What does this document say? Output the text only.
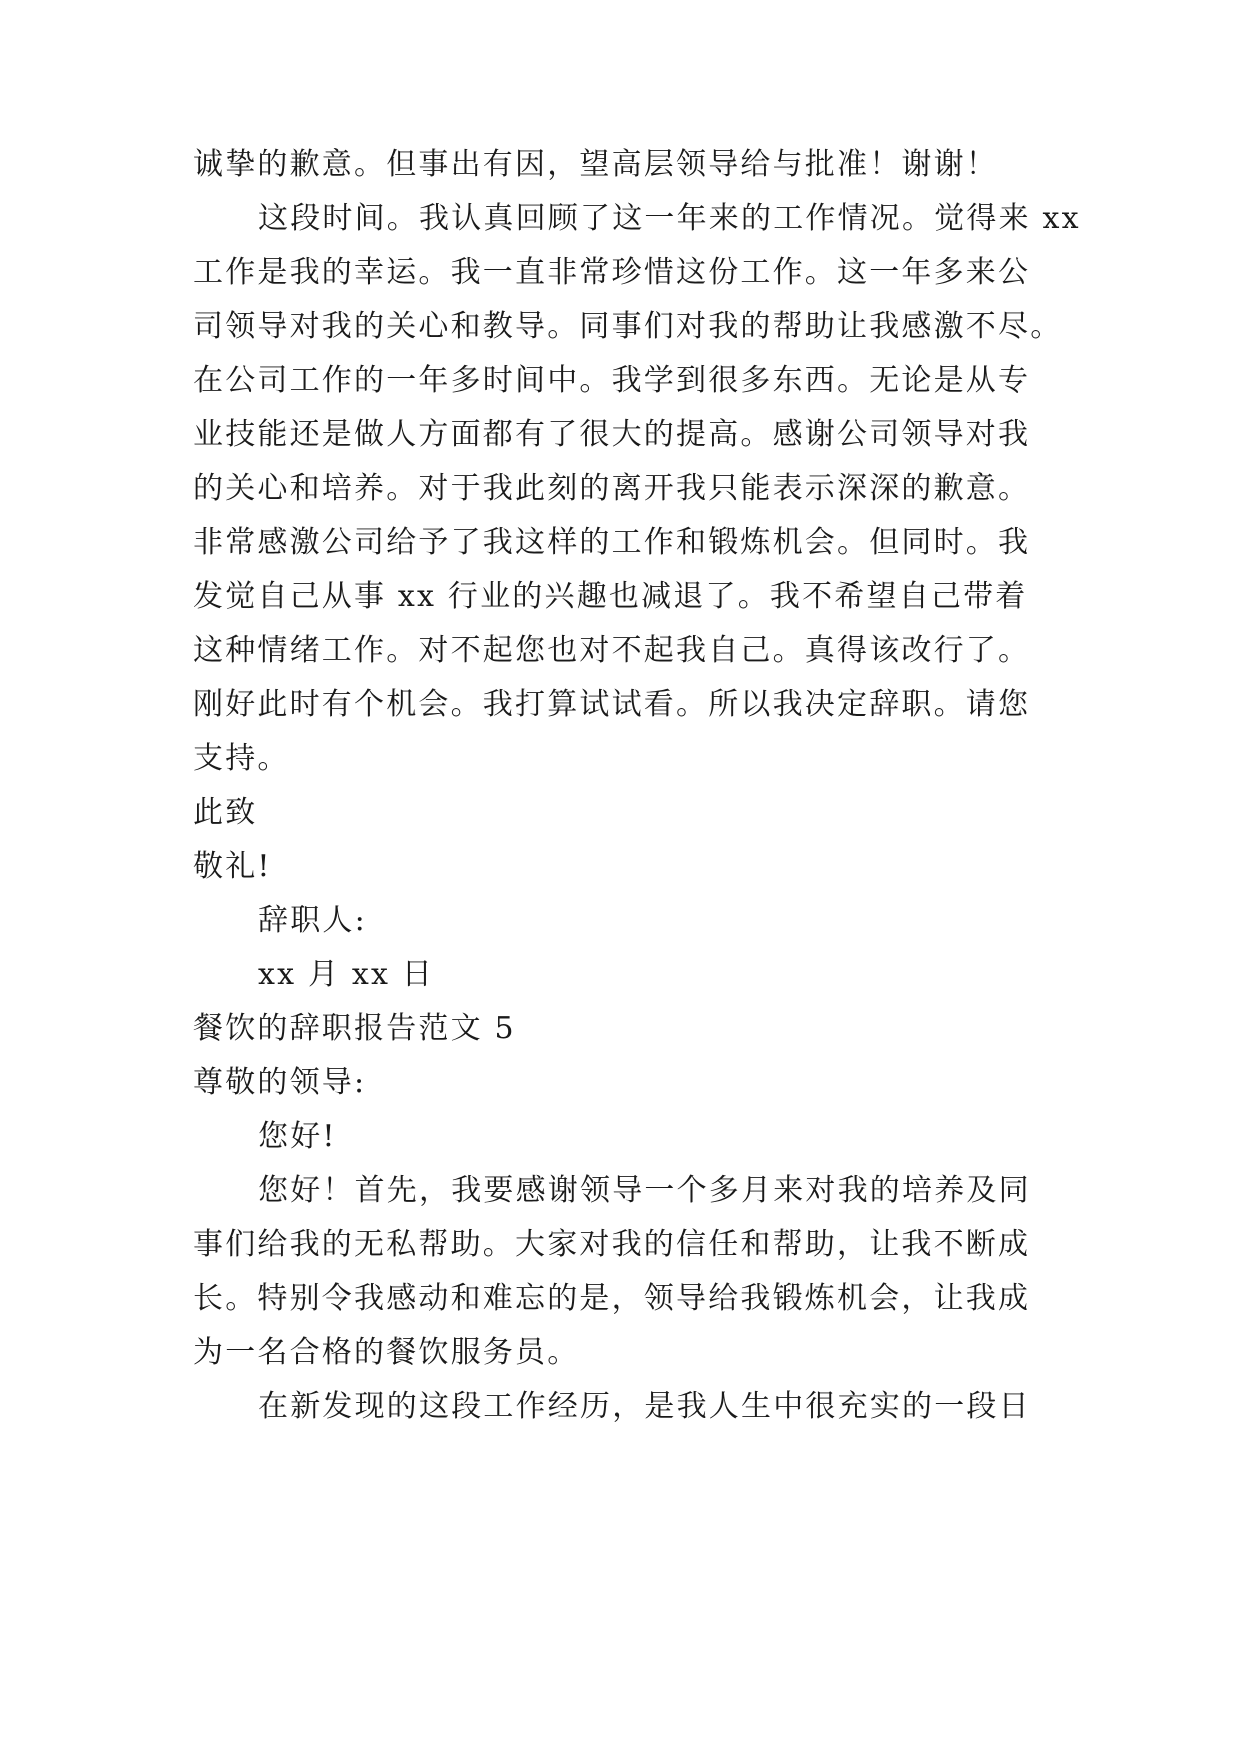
诚挚的歉意。但事出有因，望高层领导给与批准！谢谢！
这段时间。我认真回顾了这一年来的工作情况。觉得来 xx
工作是我的幸运。我一直非常珍惜这份工作。这一年多来公
司领导对我的关心和教导。同事们对我的帮助让我感激不尽。
在公司工作的一年多时间中。我学到很多东西。无论是从专
业技能还是做人方面都有了很大的提高。感谢公司领导对我
的关心和培养。对于我此刻的离开我只能表示深深的歉意。
非常感激公司给予了我这样的工作和锻炼机会。但同时。我
发觉自己从事 xx 行业的兴趣也减退了。我不希望自己带着
这种情绪工作。对不起您也对不起我自己。真得该改行了。
刚好此时有个机会。我打算试试看。所以我决定辞职。请您
支持。
此致
敬礼!
辞职人:
xx 月 xx 日
餐饮的辞职报告范文 5
尊敬的领导:
您好!
您好！首先，我要感谢领导一个多月来对我的培养及同
事们给我的无私帮助。大家对我的信任和帮助，让我不断成
长。特别令我感动和难忘的是，领导给我锻炼机会，让我成
为一名合格的餐饮服务员。
在新发现的这段工作经历，是我人生中很充实的一段日
